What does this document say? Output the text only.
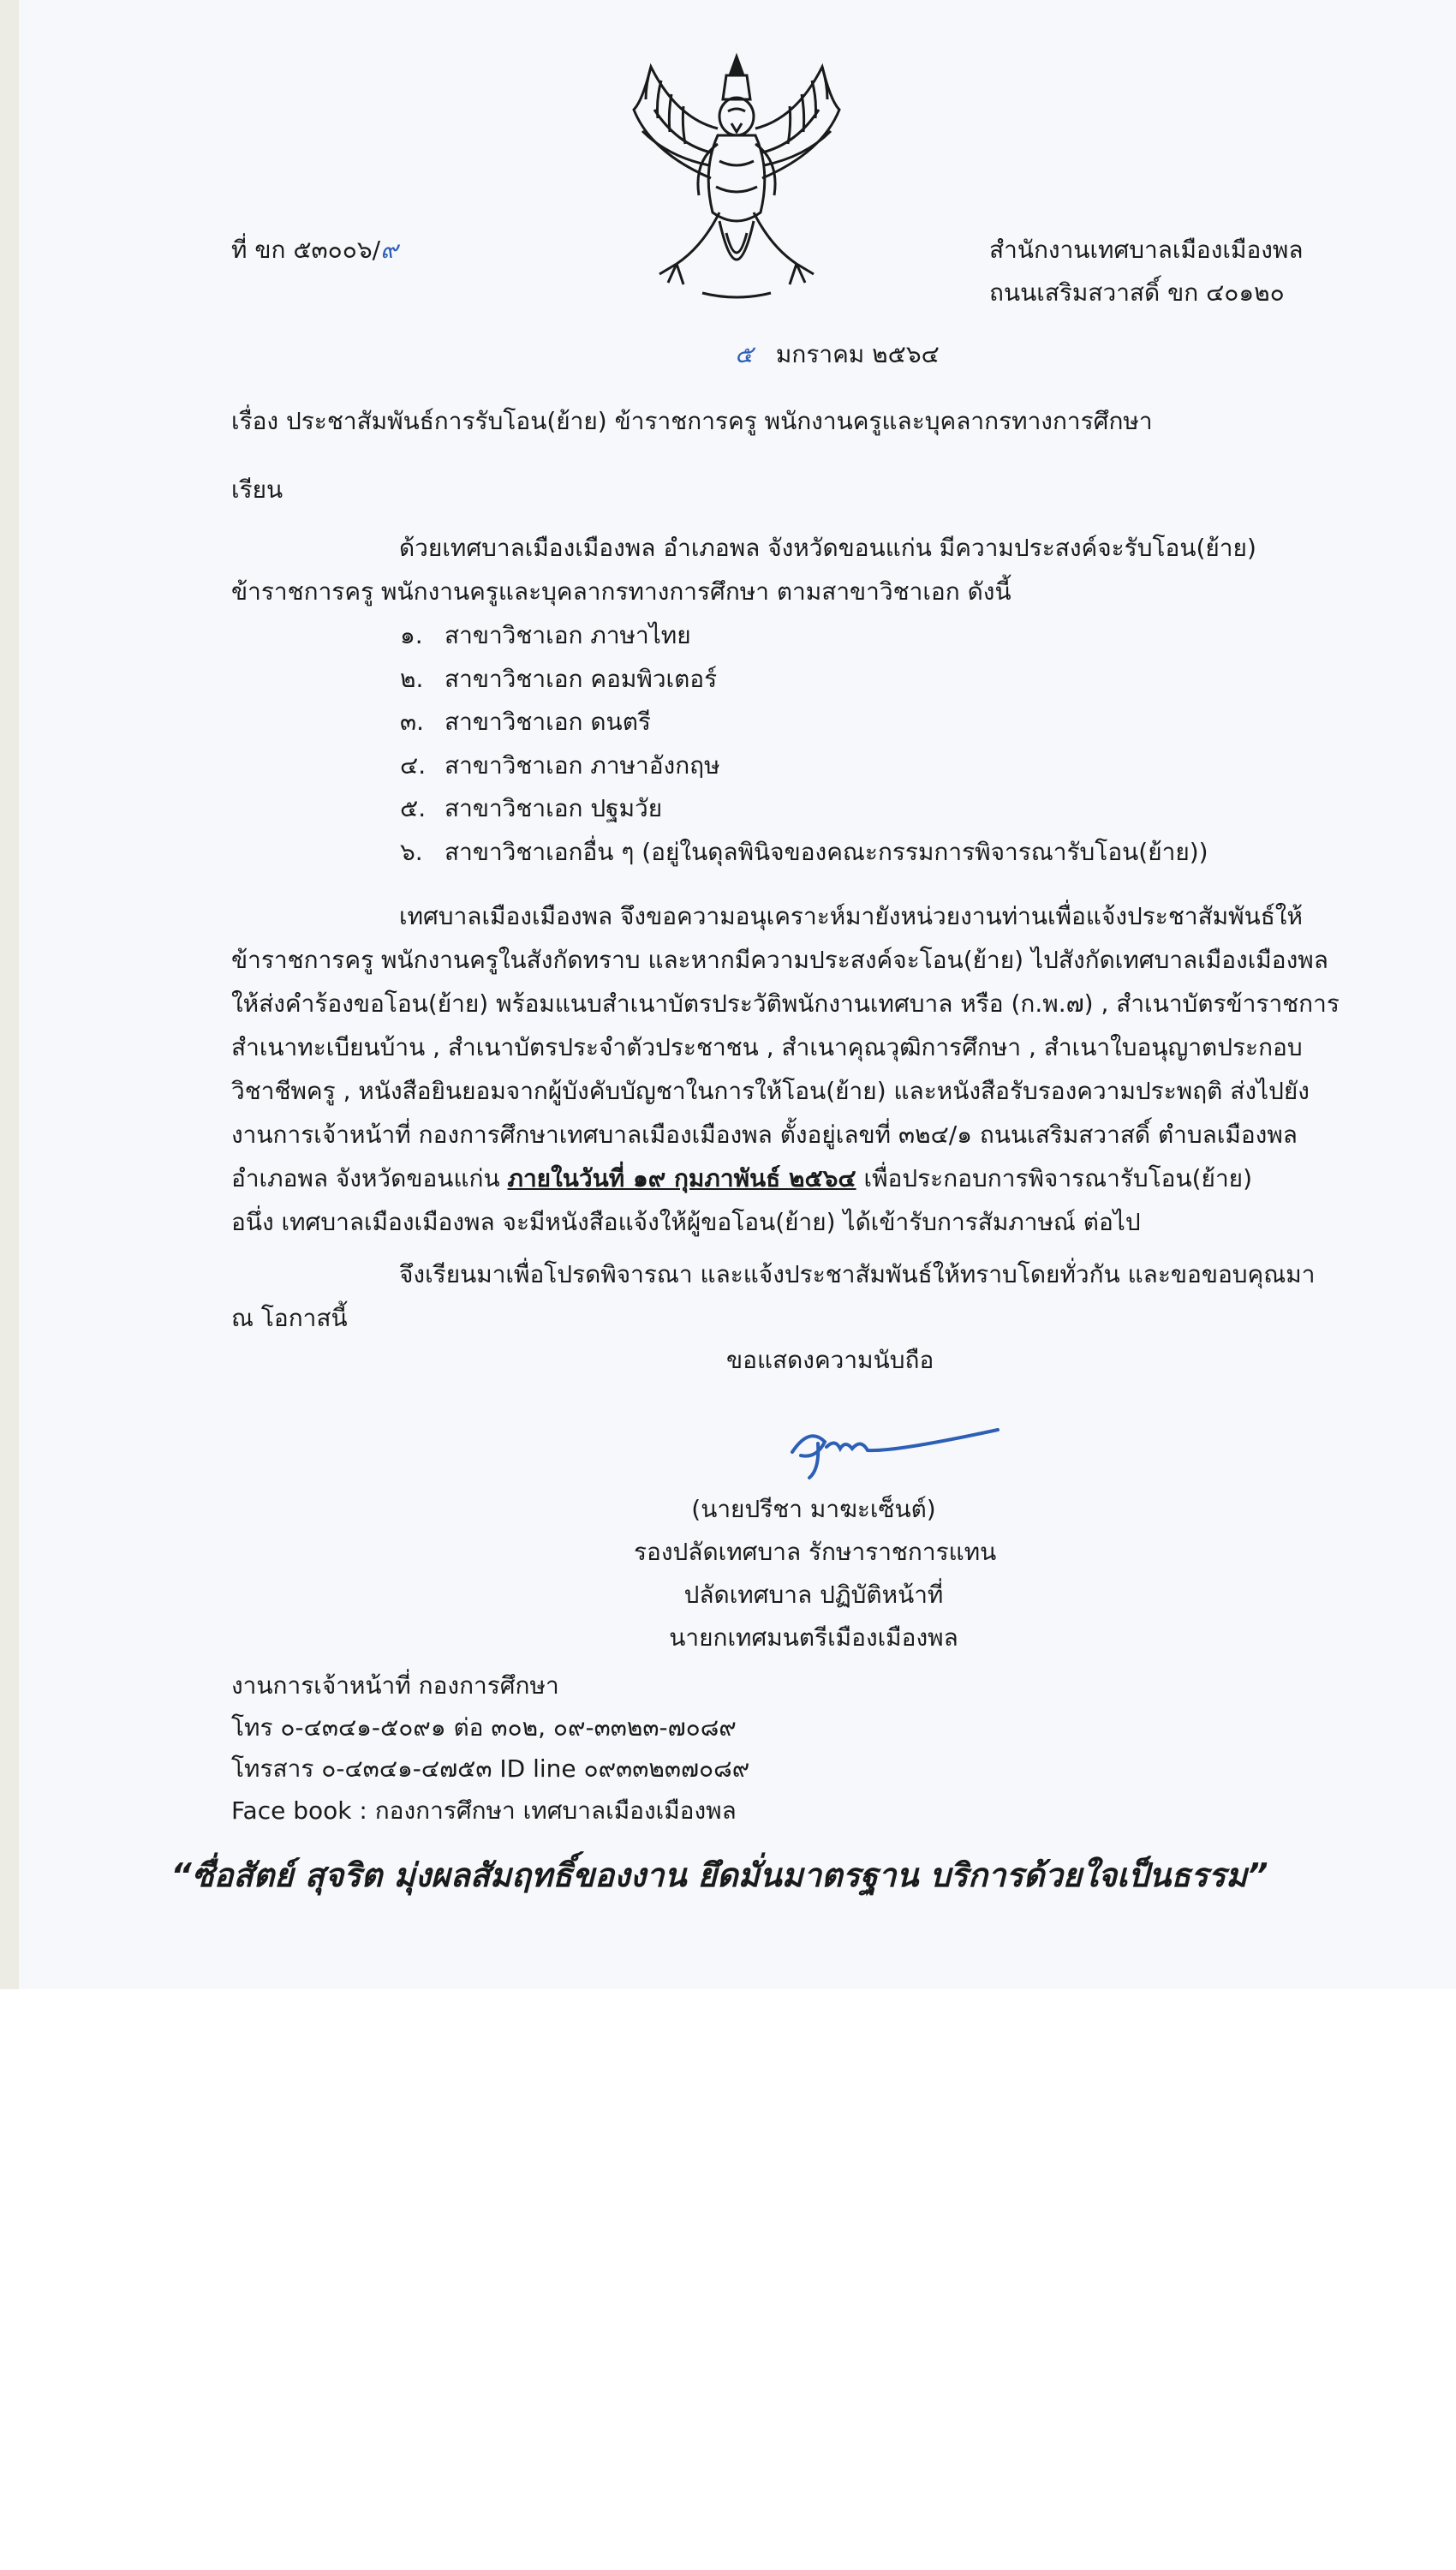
ที่ ขก ๕๓๐๐๖/๙	สำนักงานเทศบาลเมืองเมืองพล
ถนนเสริมสวาสดิ์ ขก ๔๐๑๒๐
๕ มกราคม ๒๕๖๔
เรื่อง ประชาสัมพันธ์การรับโอน(ย้าย) ข้าราชการครู พนักงานครูและบุคลากรทางการศึกษา
เรียน

ด้วยเทศบาลเมืองเมืองพล อำเภอพล จังหวัดขอนแก่น มีความประสงค์จะรับโอน(ย้าย)

ข้าราชการครู พนักงานครูและบุคลากรทางการศึกษา ตามสาขาวิชาเอก ดังนี้

๑. สาขาวิชาเอก ภาษาไทย
๒. สาขาวิชาเอก คอมพิวเตอร์
๓. สาขาวิชาเอก ดนตรี
๔. สาขาวิชาเอก ภาษาอังกฤษ
๕. สาขาวิชาเอก ปฐมวัย
๖. สาขาวิชาเอกอื่น ๆ (อยู่ในดุลพินิจของคณะกรรมการพิจารณารับโอน(ย้าย))

เทศบาลเมืองเมืองพล จึงขอความอนุเคราะห์มายังหน่วยงานท่านเพื่อแจ้งประชาสัมพันธ์ให้

ข้าราชการครู พนักงานครูในสังกัดทราบ และหากมีความประสงค์จะโอน(ย้าย) ไปสังกัดเทศบาลเมืองเมืองพล

ให้ส่งคำร้องขอโอน(ย้าย) พร้อมแนบสำเนาบัตรประวัติพนักงานเทศบาล หรือ (ก.พ.๗) , สำเนาบัตรข้าราชการ

สำเนาทะเบียนบ้าน , สำเนาบัตรประจำตัวประชาชน , สำเนาคุณวุฒิการศึกษา , สำเนาใบอนุญาตประกอบ

วิชาชีพครู , หนังสือยินยอมจากผู้บังคับบัญชาในการให้โอน(ย้าย) และหนังสือรับรองความประพฤติ ส่งไปยัง

งานการเจ้าหน้าที่ กองการศึกษาเทศบาลเมืองเมืองพล ตั้งอยู่เลขที่ ๓๒๔/๑ ถนนเสริมสวาสดิ์ ตำบลเมืองพล

อำเภอพล จังหวัดขอนแก่น ภายในวันที่ ๑๙ กุมภาพันธ์ ๒๕๖๔ เพื่อประกอบการพิจารณารับโอน(ย้าย)

อนึ่ง เทศบาลเมืองเมืองพล จะมีหนังสือแจ้งให้ผู้ขอโอน(ย้าย) ได้เข้ารับการสัมภาษณ์ ต่อไป

จึงเรียนมาเพื่อโปรดพิจารณา และแจ้งประชาสัมพันธ์ให้ทราบโดยทั่วกัน และขอขอบคุณมา

ณ โอกาสนี้

ขอแสดงความนับถือ
(นายปรีชา มาฆะเซ็นต์)
รองปลัดเทศบาล รักษาราชการแทน
ปลัดเทศบาล ปฏิบัติหน้าที่
นายกเทศมนตรีเมืองเมืองพล
งานการเจ้าหน้าที่ กองการศึกษา
โทร ๐-๔๓๔๑-๕๐๙๑ ต่อ ๓๐๒, ๐๙-๓๓๒๓-๗๐๘๙
โทรสาร ๐-๔๓๔๑-๔๗๕๓ ID line ๐๙๓๓๒๓๗๐๘๙
Face book : กองการศึกษา เทศบาลเมืองเมืองพล
“ซื่อสัตย์ สุจริต มุ่งผลสัมฤทธิ์ของงาน ยึดมั่นมาตรฐาน บริการด้วยใจเป็นธรรม”
